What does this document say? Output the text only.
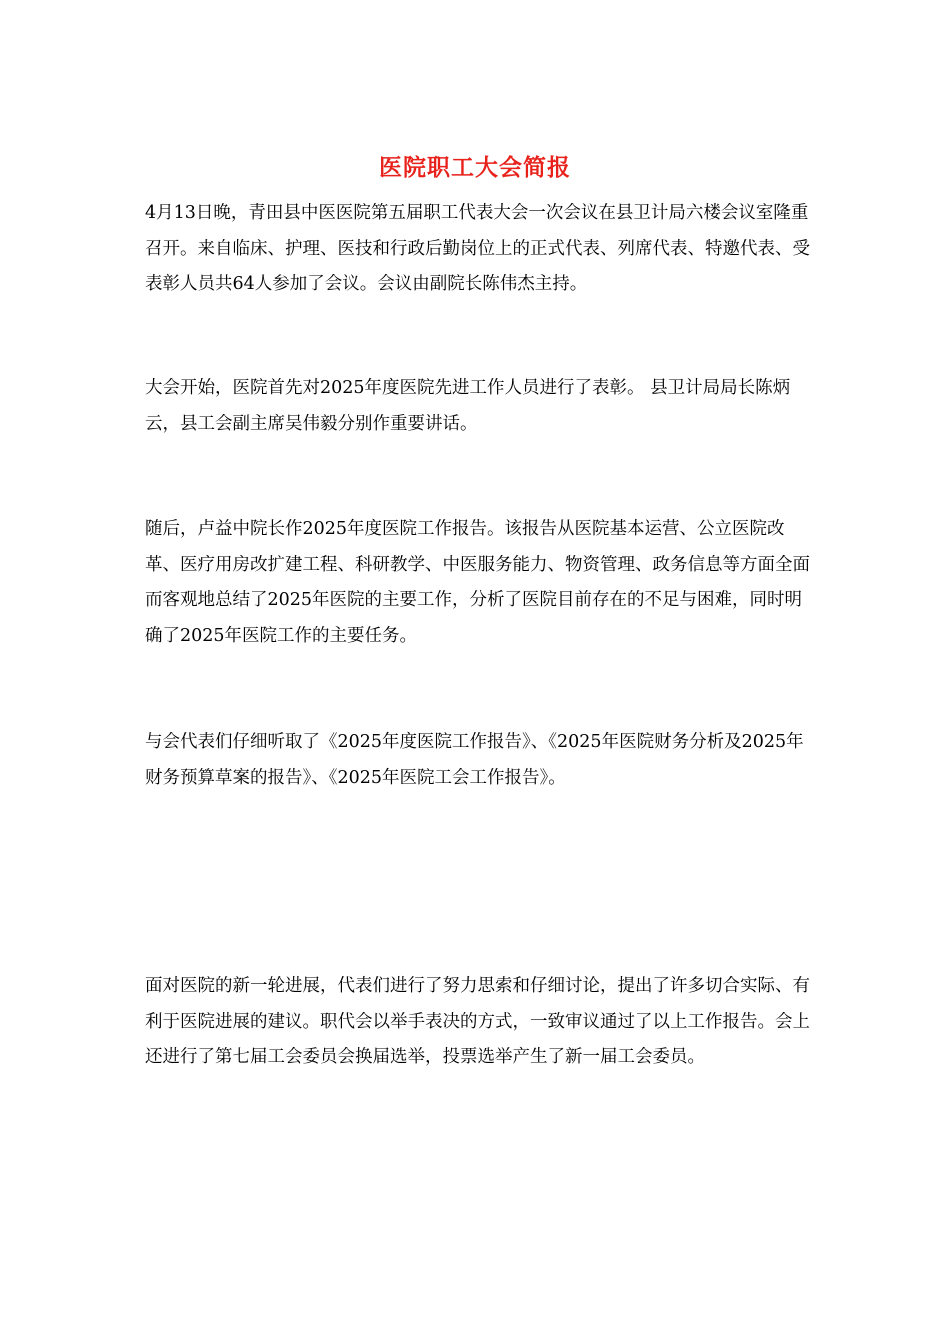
医院职工大会简报

4月13日晚，青田县中医医院第五届职工代表大会一次会议在县卫计局六楼会议室隆重召开。来自临床、护理、医技和行政后勤岗位上的正式代表、列席代表、特邀代表、受表彰人员共64人参加了会议。会议由副院长陈伟杰主持。

大会开始，医院首先对2025年度医院先进工作人员进行了表彰。 县卫计局局长陈炳云，县工会副主席吴伟毅分别作重要讲话。

随后，卢益中院长作2025年度医院工作报告。该报告从医院基本运营、公立医院改革、医疗用房改扩建工程、科研教学、中医服务能力、物资管理、政务信息等方面全面而客观地总结了2025年医院的主要工作，分析了医院目前存在的不足与困难，同时明确了2025年医院工作的主要任务。

与会代表们仔细听取了《2025年度医院工作报告》、《2025年医院财务分析及2025年财务预算草案的报告》、《2025年医院工会工作报告》。

面对医院的新一轮进展，代表们进行了努力思索和仔细讨论，提出了许多切合实际、有利于医院进展的建议。职代会以举手表决的方式，一致审议通过了以上工作报告。会上还进行了第七届工会委员会换届选举，投票选举产生了新一届工会委员。
